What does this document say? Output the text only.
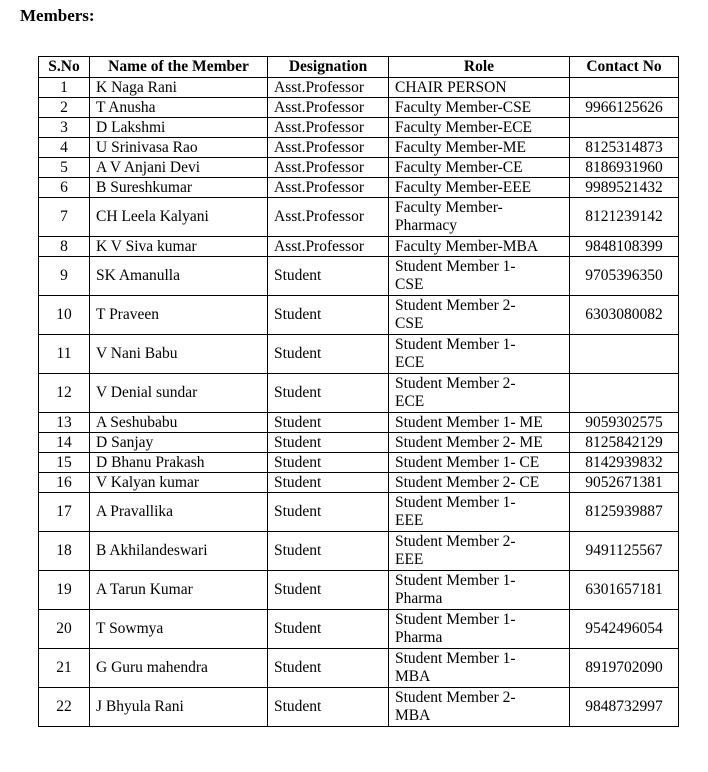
Members:
S.No	Name of the Member	Designation	Role	Contact No
1	K Naga Rani	Asst.Professor	CHAIR PERSON	
2	T Anusha	Asst.Professor	Faculty Member-CSE	9966125626
3	D Lakshmi	Asst.Professor	Faculty Member-ECE	
4	U Srinivasa Rao	Asst.Professor	Faculty Member-ME	8125314873
5	A V Anjani Devi	Asst.Professor	Faculty Member-CE	8186931960
6	B Sureshkumar	Asst.Professor	Faculty Member-EEE	9989521432
7	CH Leela Kalyani	Asst.Professor	Faculty Member-
Pharmacy	8121239142
8	K V Siva kumar	Asst.Professor	Faculty Member-MBA	9848108399
9	SK Amanulla	Student	Student Member 1-
CSE	9705396350
10	T Praveen	Student	Student Member 2-
CSE	6303080082
11	V Nani Babu	Student	Student Member 1-
ECE	
12	V Denial sundar	Student	Student Member 2-
ECE	
13	A Seshubabu	Student	Student Member 1- ME	9059302575
14	D Sanjay	Student	Student Member 2- ME	8125842129
15	D Bhanu Prakash	Student	Student Member 1- CE	8142939832
16	V Kalyan kumar	Student	Student Member 2- CE	9052671381
17	A Pravallika	Student	Student Member 1-
EEE	8125939887
18	B Akhilandeswari	Student	Student Member 2-
EEE	9491125567
19	A Tarun Kumar	Student	Student Member 1-
Pharma	6301657181
20	T Sowmya	Student	Student Member 1-
Pharma	9542496054
21	G Guru mahendra	Student	Student Member 1-
MBA	8919702090
22	J Bhyula Rani	Student	Student Member 2-
MBA	9848732997
